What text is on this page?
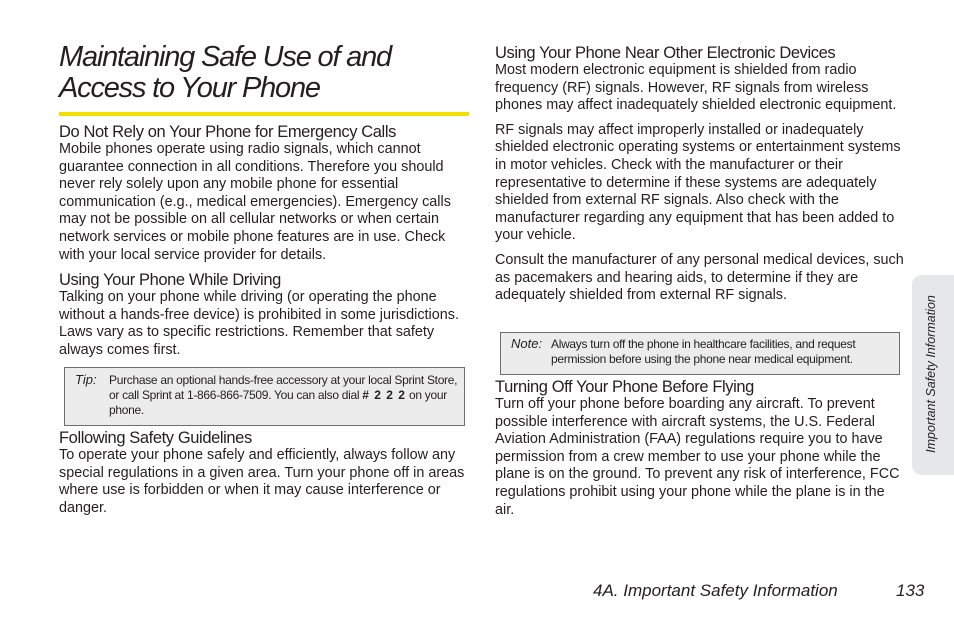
Maintaining Safe Use of and Access to Your Phone
Do Not Rely on Your Phone for Emergency Calls

Mobile phones operate using radio signals, which cannot guarantee connection in all conditions. Therefore you should never rely solely upon any mobile phone for essential communication (e.g., medical emergencies). Emergency calls may not be possible on all cellular networks or when certain network services or mobile phone features are in use. Check with your local service provider for details.

Using Your Phone While Driving

Talking on your phone while driving (or operating the phone without a hands-free device) is prohibited in some jurisdictions. Laws vary as to specific restrictions. Remember that safety always comes first.

Tip: Purchase an optional hands-free accessory at your local Sprint Store, or call Sprint at 1-866-866-7509. You can also dial # 2 2 2 on your phone.
Following Safety Guidelines

To operate your phone safely and efficiently, always follow any special regulations in a given area. Turn your phone off in areas where use is forbidden or when it may cause interference or danger.

Using Your Phone Near Other Electronic Devices

Most modern electronic equipment is shielded from radio frequency (RF) signals. However, RF signals from wireless phones may affect inadequately shielded electronic equipment.

RF signals may affect improperly installed or inadequately shielded electronic operating systems or entertainment systems in motor vehicles. Check with the manufacturer or their representative to determine if these systems are adequately shielded from external RF signals. Also check with the manufacturer regarding any equipment that has been added to your vehicle.

Consult the manufacturer of any personal medical devices, such as pacemakers and hearing aids, to determine if they are adequately shielded from external RF signals.

Note: Always turn off the phone in healthcare facilities, and request permission before using the phone near medical equipment.
Turning Off Your Phone Before Flying

Turn off your phone before boarding any aircraft. To prevent possible interference with aircraft systems, the U.S. Federal Aviation Administration (FAA) regulations require you to have permission from a crew member to use your phone while the plane is on the ground. To prevent any risk of interference, FCC regulations prohibit using your phone while the plane is in the air.

Important Safety Information
4A. Important Safety Information	133
